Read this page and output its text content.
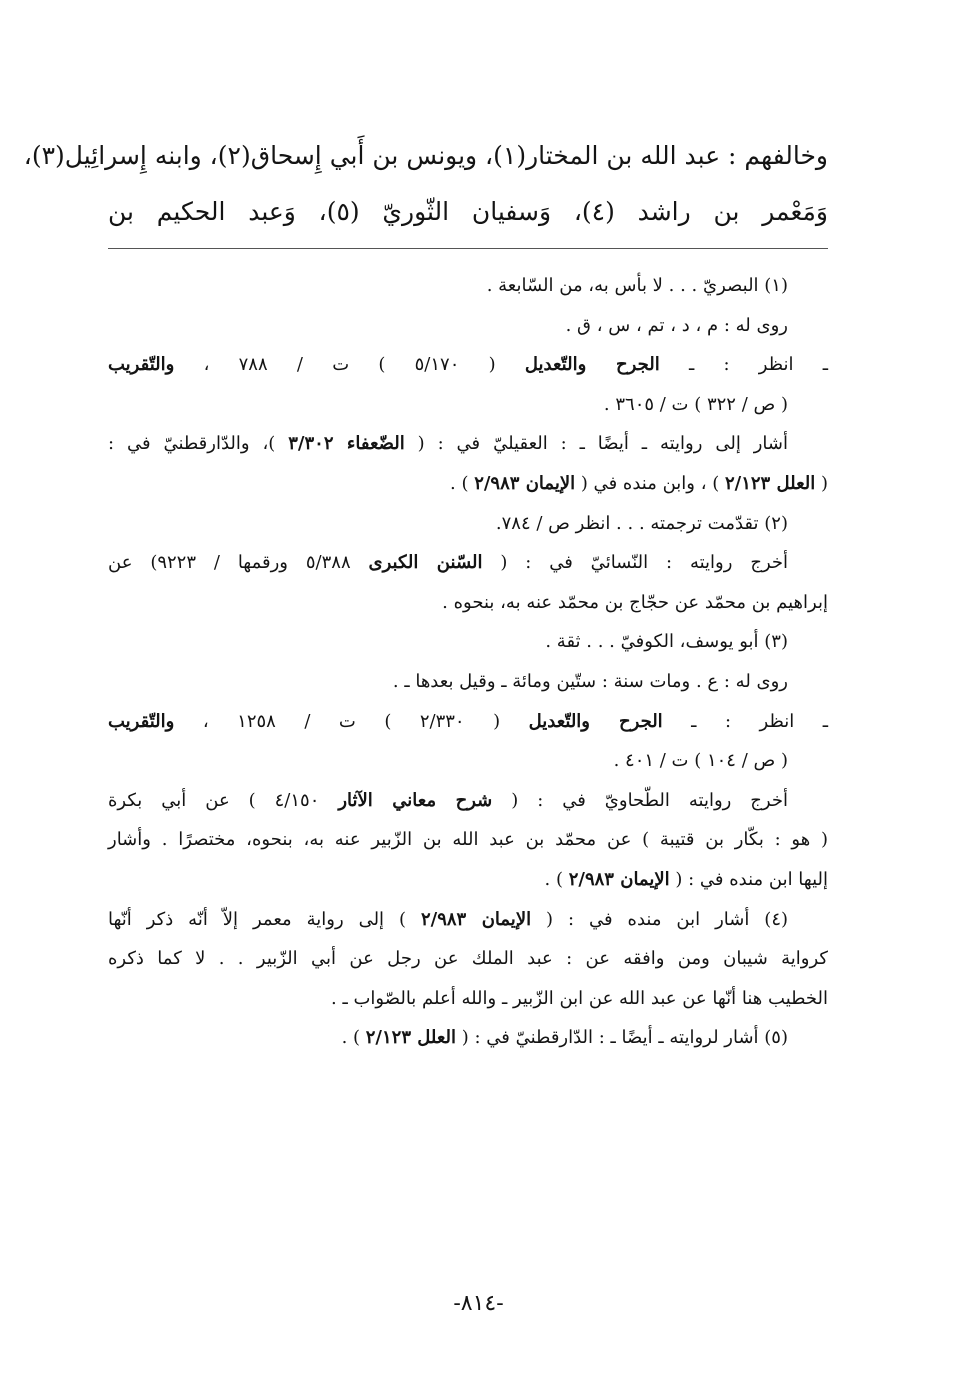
وخالفهم : عبد الله بن المختار(١)، ويونس بن أَبي إِسحاق(٢)، وابنه إِسرائِيل(٣)،
وَمَعْمر بن راشد (٤)، وَسفيان الثّوريّ (٥)، وَعبد الحكيم بن
(١) البصريّ . . . لا بأس به، من السّابعة .
روى له : م ، د ، تم ، س ، ق .
ـ انظر : ـ الجرح والتّعديل ( ٥/١٧٠ ) ت / ٧٨٨ ، والتّقريب
( ص / ٣٢٢ ) ت / ٣٦٠٥ .
أشار إلى روايته ـ أيضًا ـ : العقيليّ في : ( الضّعفاء ٣/٣٠٢ )، والدّارقطنيّ في :
( العلل ٢/١٢٣ ) ، وابن منده في ( الإيمان ٢/٩٨٣ ) .
(٢) تقدّمت ترجمته . . . انظر ص / ٧٨٤.
أخرج روايته : النّسائيّ في : ( السّنن الكبرى ٥/٣٨٨ ورقمها / ٩٢٢٣) عن
إبراهيم بن محمّد عن حجّاج بن محمّد عنه به، بنحوه .
(٣) أبو يوسف، الكوفيّ . . . ثقة .
روى له : ع . ومات سنة : ستّين ومائة ـ وقيل بعدها ـ .
ـ انظر : ـ الجرح والتّعديل ( ٢/٣٣٠ ) ت / ١٢٥٨ ، والتّقريب
( ص / ١٠٤ ) ت / ٤٠١ .
أخرج روايته الطّحاويّ في : ( شرح معاني الآثار ٤/١٥٠ ) عن أبي بكرة
( هو : بكّار بن قتيبة ) عن محمّد بن عبد الله بن الزّبير عنه به، بنحوه، مختصرًا . وأشار
إليها ابن منده في : ( الإيمان ٢/٩٨٣ ) .
(٤) أشار ابن منده في : ( الإيمان ٢/٩٨٣ ) إلى رواية معمر إلاّ أنّه ذكر أنّها
كرواية شيبان ومن وافقه عن : عبد الملك عن رجل عن أبي الزّبير . . لا كما ذكره
الخطيب هنا أنّها عن عبد الله عن ابن الزّبير ـ والله أعلم بالصّواب ـ .
(٥) أشار لروايته ـ أيضًا ـ : الدّارقطنيّ في : ( العلل ٢/١٢٣ ) .
-٨١٤-
